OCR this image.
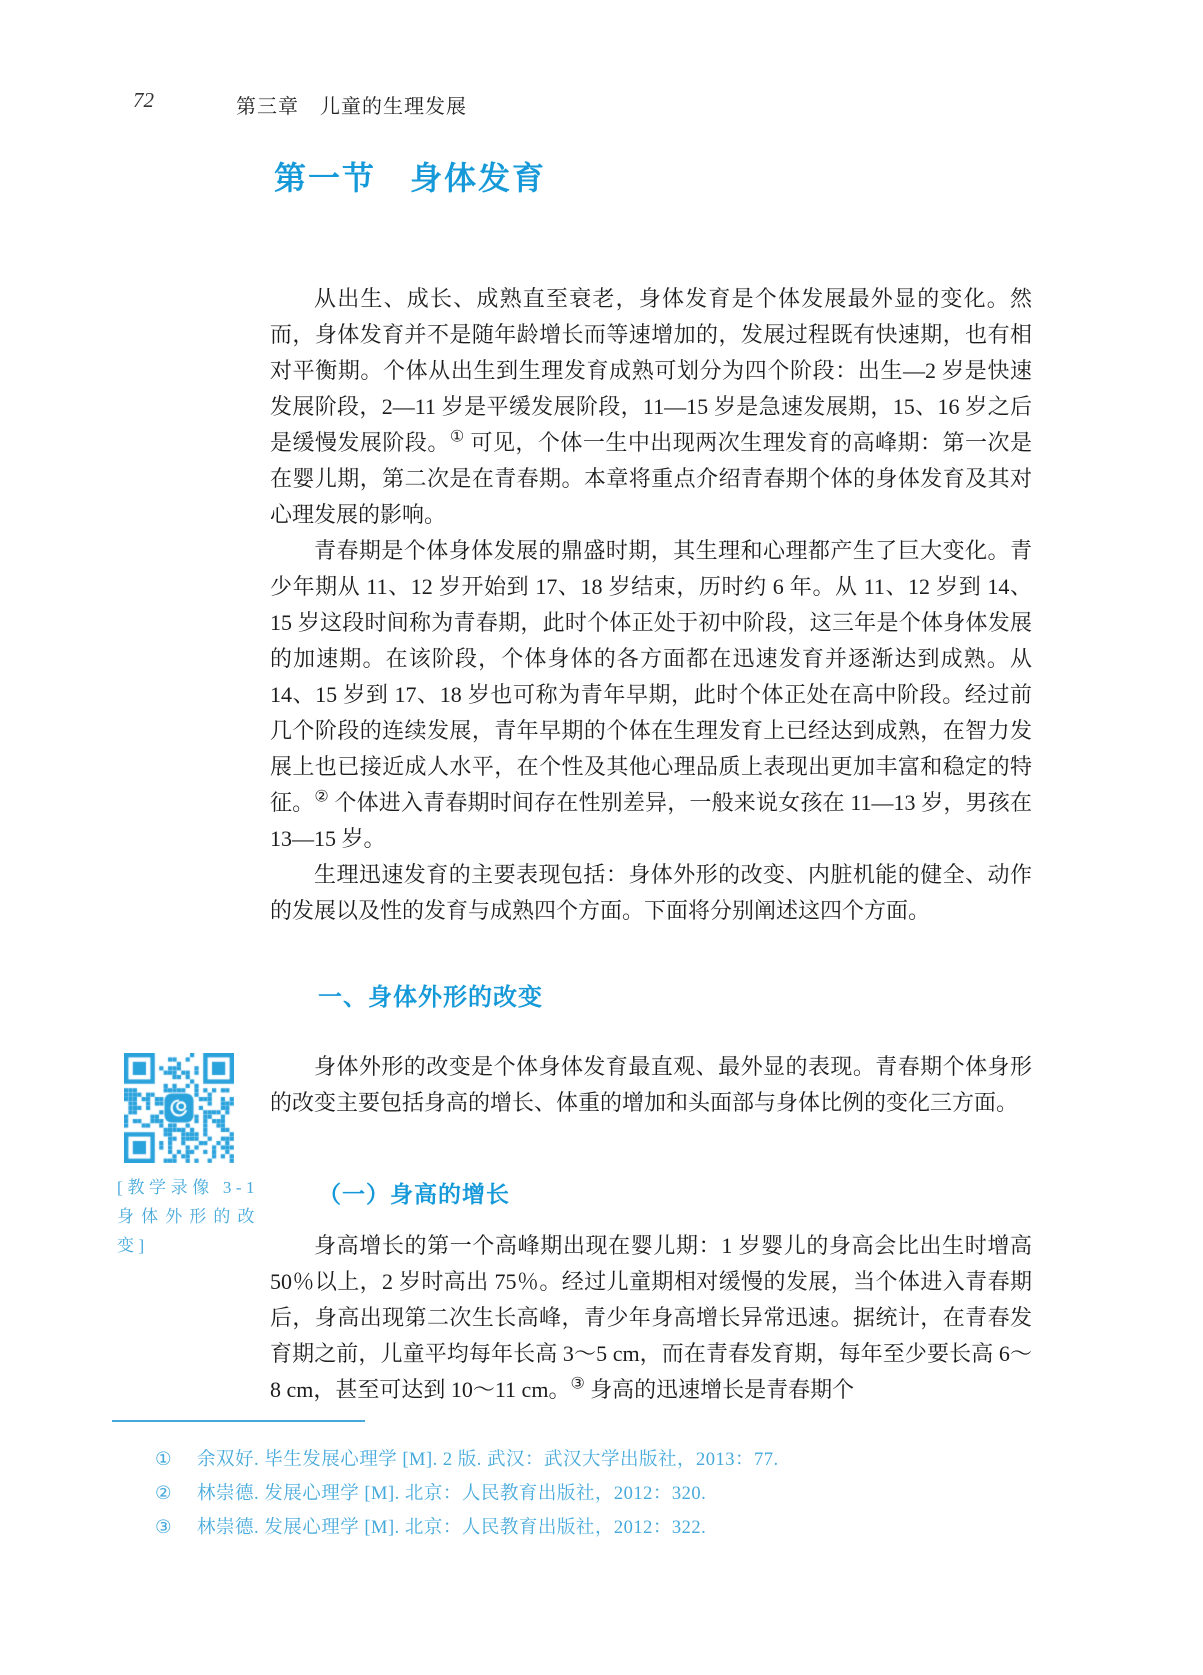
72	第三章　儿童的生理发展
第一节　身体发育

从出生、成长、成熟直至衰老，身体发育是个体发展最外显的变化。然而，身体发育并不是随年龄增长而等速增加的，发展过程既有快速期，也有相对平衡期。个体从出生到生理发育成熟可划分为四个阶段：出生—2 岁是快速发展阶段，2—11 岁是平缓发展阶段，11—15 岁是急速发展期，15、16 岁之后是缓慢发展阶段。① 可见，个体一生中出现两次生理发育的高峰期：第一次是在婴儿期，第二次是在青春期。本章将重点介绍青春期个体的身体发育及其对心理发展的影响。

青春期是个体身体发展的鼎盛时期，其生理和心理都产生了巨大变化。青少年期从 11、12 岁开始到 17、18 岁结束，历时约 6 年。从 11、12 岁到 14、15 岁这段时间称为青春期，此时个体正处于初中阶段，这三年是个体身体发展的加速期。在该阶段，个体身体的各方面都在迅速发育并逐渐达到成熟。从 14、15 岁到 17、18 岁也可称为青年早期，此时个体正处在高中阶段。经过前几个阶段的连续发展，青年早期的个体在生理发育上已经达到成熟，在智力发展上也已接近成人水平，在个性及其他心理品质上表现出更加丰富和稳定的特征。② 个体进入青春期时间存在性别差异，一般来说女孩在 11—13 岁，男孩在 13—15 岁。

生理迅速发育的主要表现包括：身体外形的改变、内脏机能的健全、动作的发展以及性的发育与成熟四个方面。下面将分别阐述这四个方面。

一、身体外形的改变

身体外形的改变是个体身体发育最直观、最外显的表现。青春期个体身形的改变主要包括身高的增长、体重的增加和头面部与身体比例的变化三方面。

（一）身高的增长

身高增长的第一个高峰期出现在婴儿期：1 岁婴儿的身高会比出生时增高 50％以上，2 岁时高出 75％。经过儿童期相对缓慢的发展，当个体进入青春期后，身高出现第二次生长高峰，青少年身高增长异常迅速。据统计，在青春发育期之前，儿童平均每年长高 3～5 cm，而在青春发育期，每年至少要长高 6～8 cm，甚至可达到 10～11 cm。③ 身高的迅速增长是青春期个

[教学录像 3-1 身体外形的改变]
①	余双好. 毕生发展心理学 [M]. 2 版. 武汉：武汉大学出版社，2013：77.
②	林崇德. 发展心理学 [M]. 北京：人民教育出版社，2012：320.
③	林崇德. 发展心理学 [M]. 北京：人民教育出版社，2012：322.
